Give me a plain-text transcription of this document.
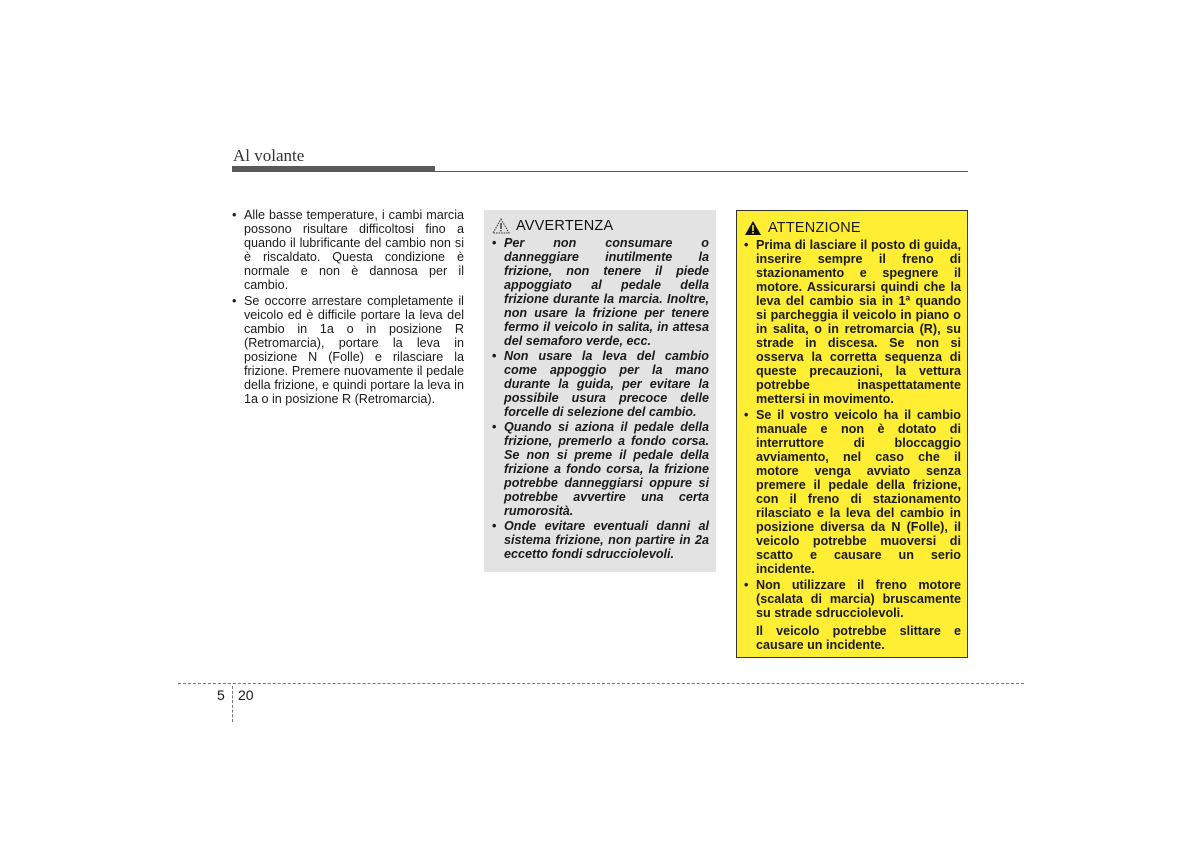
Al volante
• Alle basse temperature, i cambi marcia possono risultare difficoltosi fino a quando il lubrificante del cambio non si è riscaldato. Questa condizione è normale e non è dannosa per il cambio.
• Se occorre arrestare completamente il veicolo ed è difficile portare la leva del cambio in 1a o in posizione R (Retromarcia), portare la leva in posizione N (Folle) e rilasciare la frizione. Premere nuovamente il pedale della frizione, e quindi portare la leva in 1a o in posizione R (Retromarcia).
AVVERTENZA
• Per non consumare o danneggiare inutilmente la frizione, non tenere il piede appoggiato al pedale della frizione durante la marcia. Inoltre, non usare la frizione per tenere fermo il veicolo in salita, in attesa del semaforo verde, ecc.
• Non usare la leva del cambio come appoggio per la mano durante la guida, per evitare la possibile usura precoce delle forcelle di selezione del cambio.
• Quando si aziona il pedale della frizione, premerlo a fondo corsa. Se non si preme il pedale della frizione a fondo corsa, la frizione potrebbe danneggiarsi oppure si potrebbe avvertire una certa rumorosità.
• Onde evitare eventuali danni al sistema frizione, non partire in 2a eccetto fondi sdrucciolevoli.
ATTENZIONE
• Prima di lasciare il posto di guida, inserire sempre il freno di stazionamento e spegnere il motore. Assicurarsi quindi che la leva del cambio sia in 1ª quando si parcheggia il veicolo in piano o in salita, o in retromarcia (R), su strade in discesa. Se non si osserva la corretta sequenza di queste precauzioni, la vettura potrebbe inaspettatamente mettersi in movimento.
• Se il vostro veicolo ha il cambio manuale e non è dotato di interruttore di bloccaggio avviamento, nel caso che il motore venga avviato senza premere il pedale della frizione, con il freno di stazionamento rilasciato e la leva del cambio in posizione diversa da N (Folle), il veicolo potrebbe muoversi di scatto e causare un serio incidente.
• Non utilizzare il freno motore (scalata di marcia) bruscamente su strade sdrucciolevoli.
Il veicolo potrebbe slittare e causare un incidente.
5 20
